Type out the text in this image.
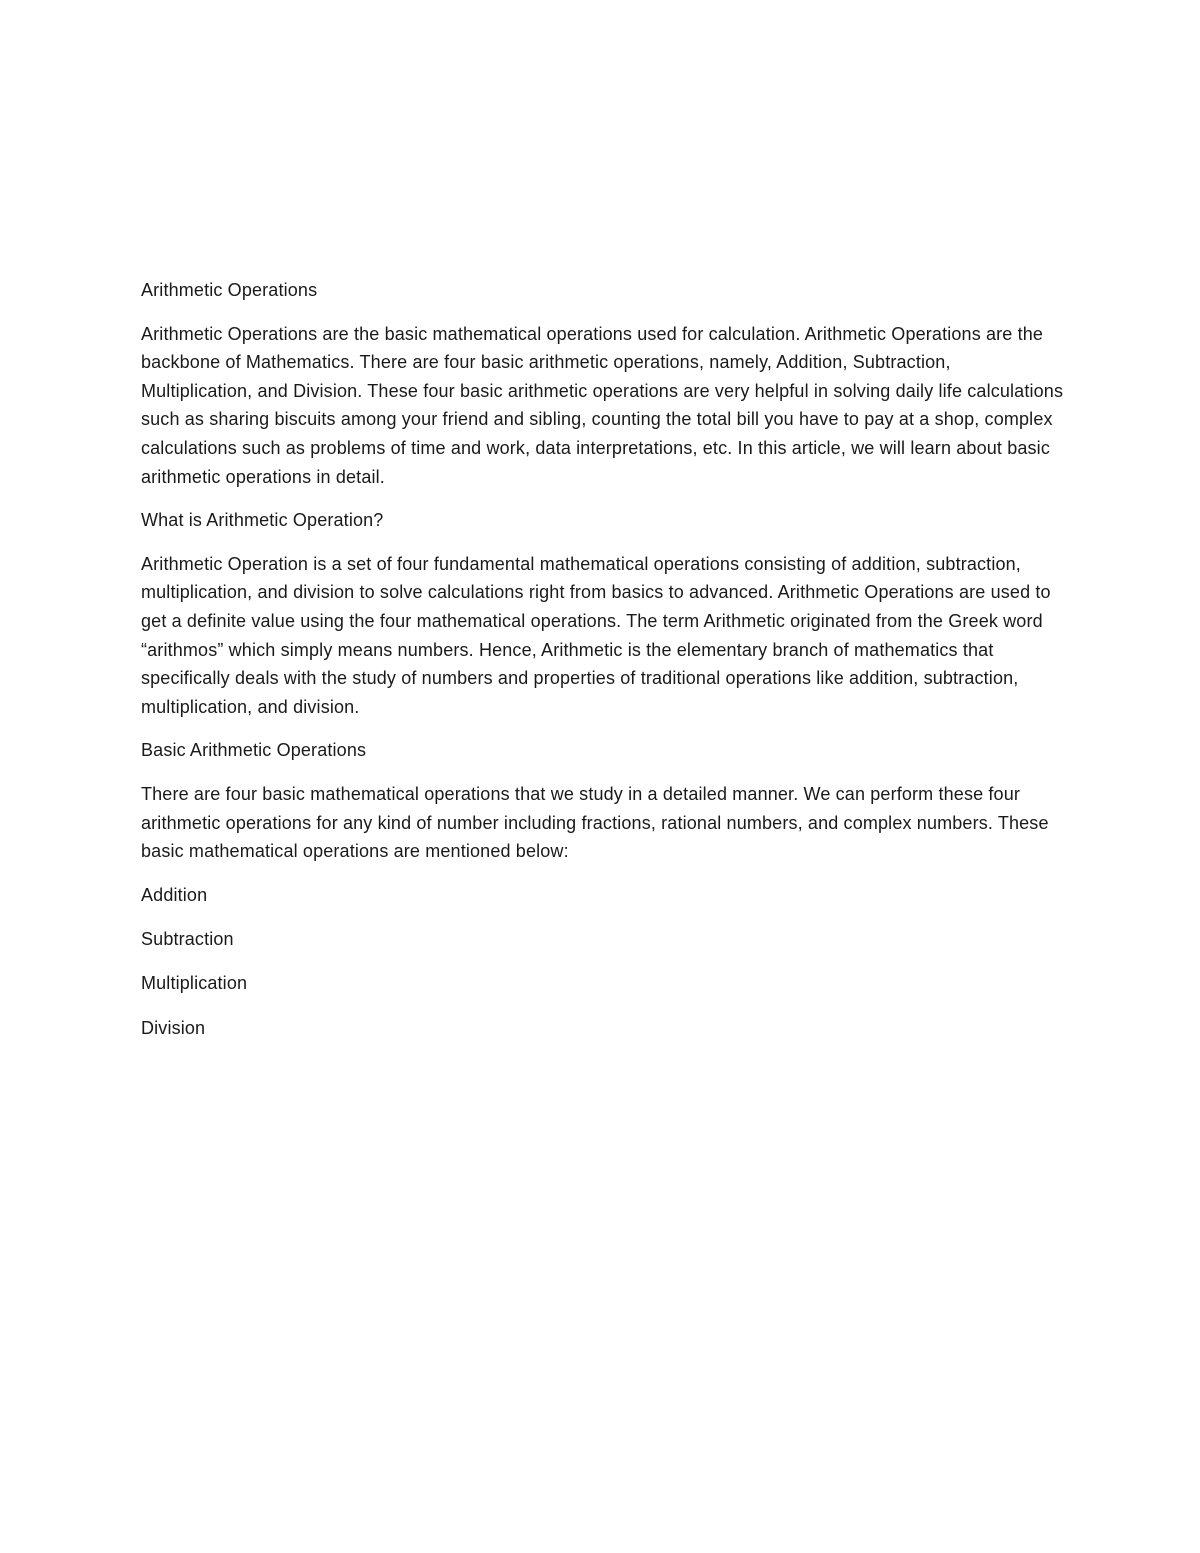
Arithmetic Operations

Arithmetic Operations are the basic mathematical operations used for calculation. Arithmetic Operations are the backbone of Mathematics. There are four basic arithmetic operations, namely, Addition, Subtraction, Multiplication, and Division. These four basic arithmetic operations are very helpful in solving daily life calculations such as sharing biscuits among your friend and sibling, counting the total bill you have to pay at a shop, complex calculations such as problems of time and work, data interpretations, etc. In this article, we will learn about basic arithmetic operations in detail.

What is Arithmetic Operation?

Arithmetic Operation is a set of four fundamental mathematical operations consisting of addition, subtraction, multiplication, and division to solve calculations right from basics to advanced. Arithmetic Operations are used to get a definite value using the four mathematical operations. The term Arithmetic originated from the Greek word “arithmos” which simply means numbers. Hence, Arithmetic is the elementary branch of mathematics that specifically deals with the study of numbers and properties of traditional operations like addition, subtraction, multiplication, and division.

Basic Arithmetic Operations

There are four basic mathematical operations that we study in a detailed manner. We can perform these four arithmetic operations for any kind of number including fractions, rational numbers, and complex numbers. These basic mathematical operations are mentioned below:

Addition

Subtraction

Multiplication

Division
